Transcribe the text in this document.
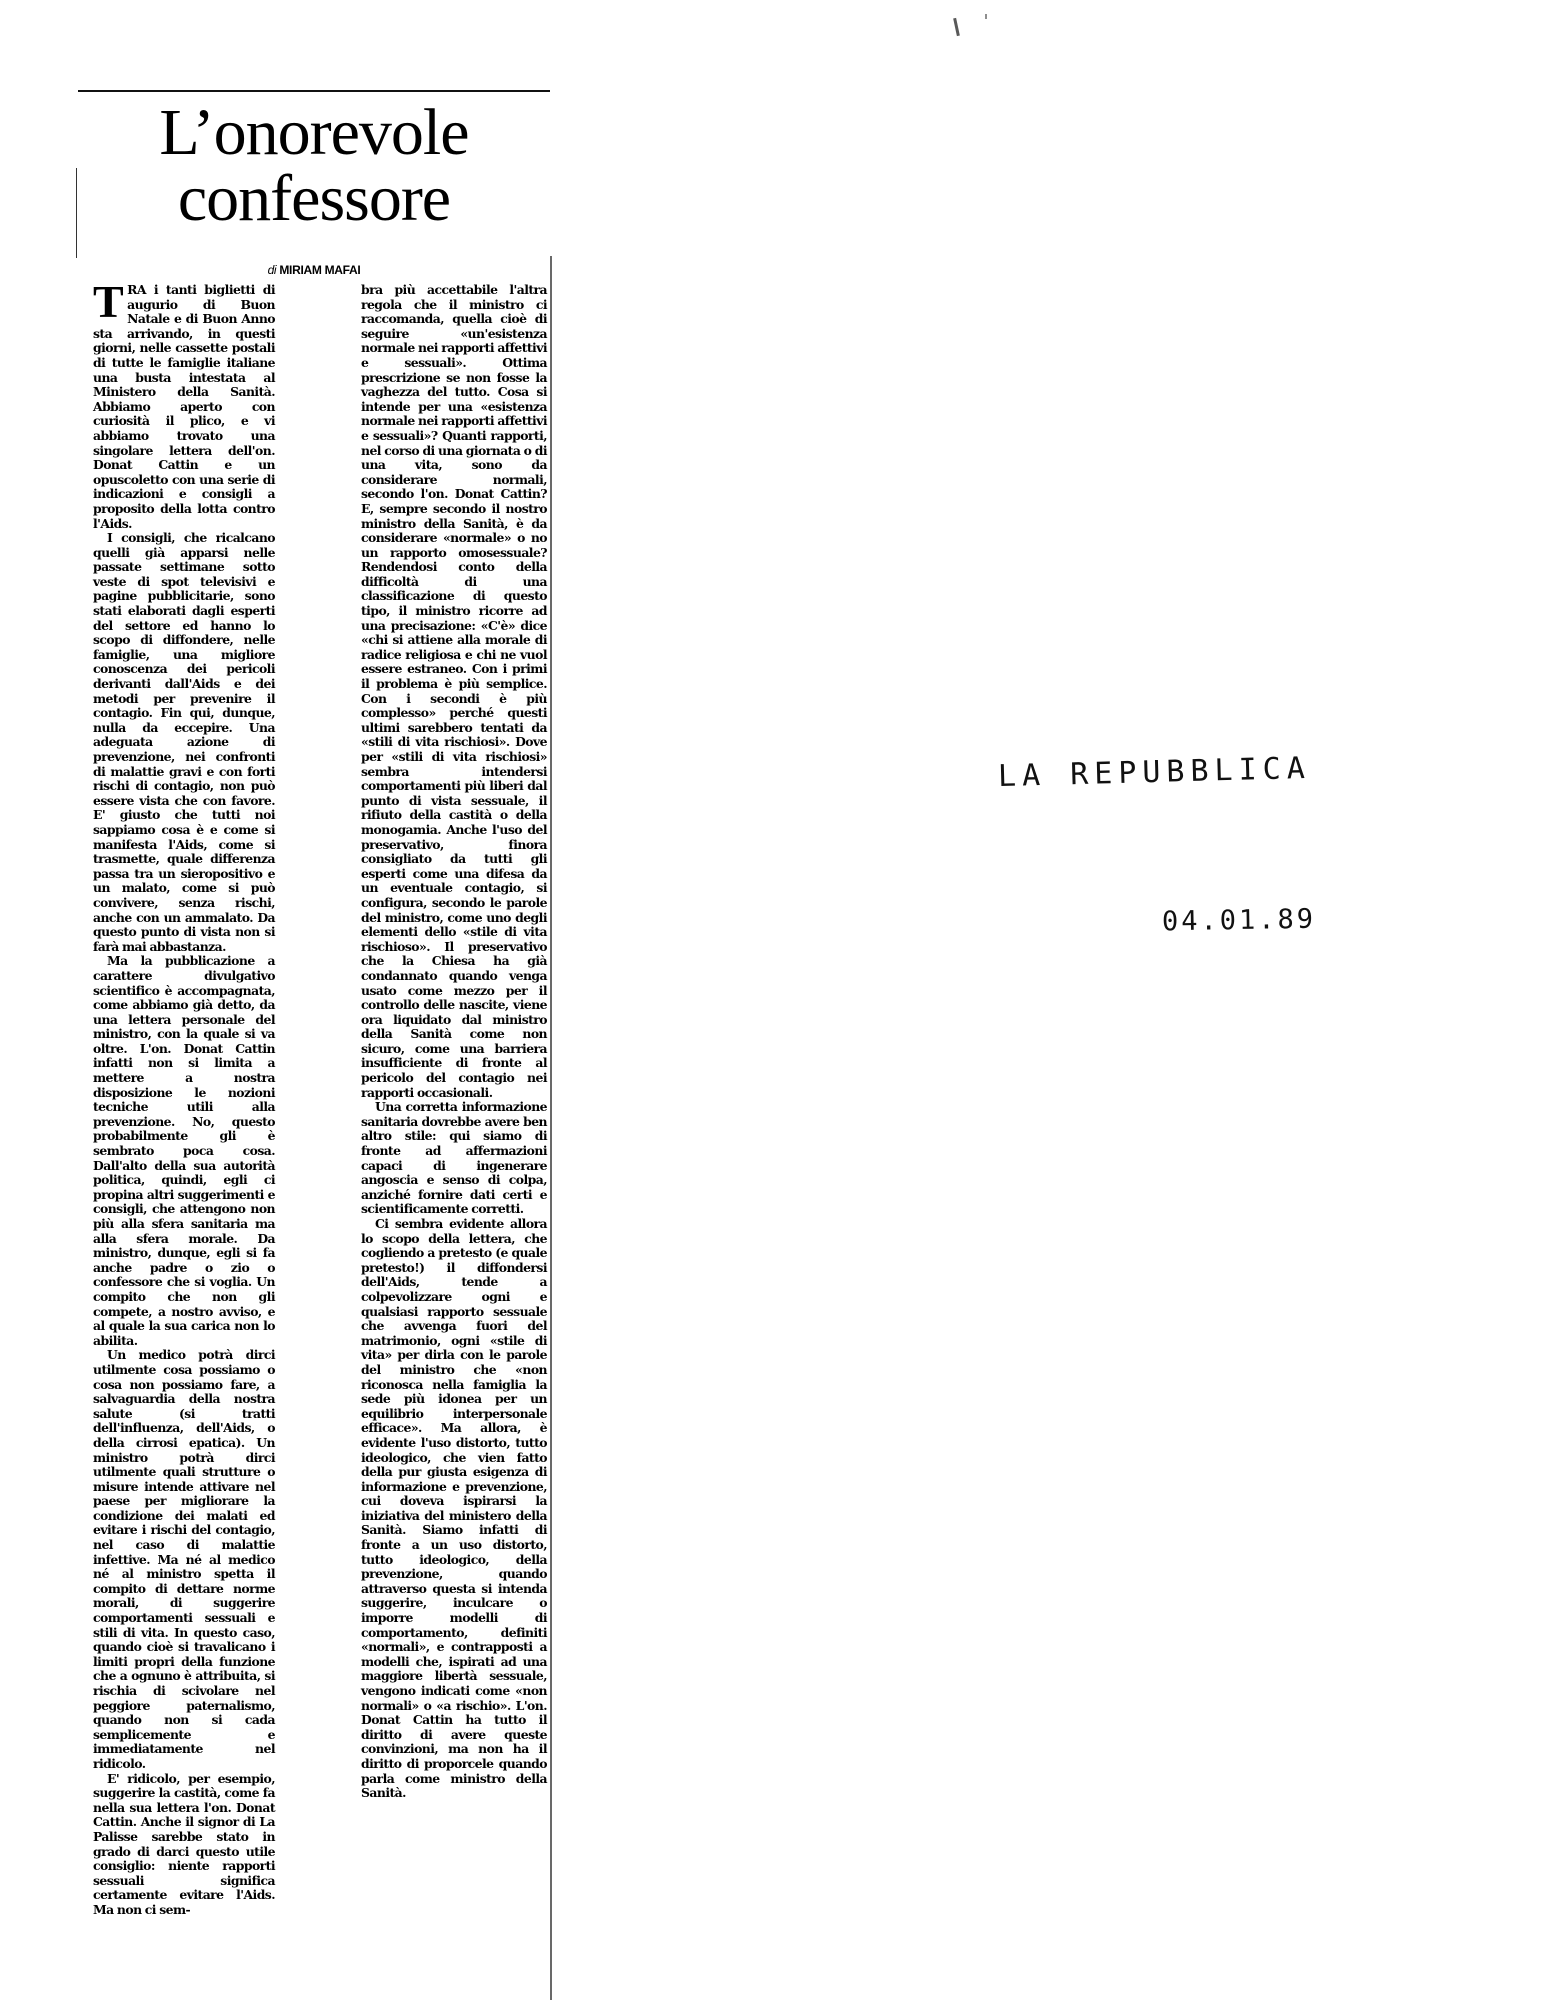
L’onorevole
confessore
di MIRIAM MAFAI

TRA i tanti biglietti di augurio di Buon Natale e di Buon Anno sta arrivando, in questi giorni, nelle cassette postali di tutte le famiglie italiane una busta intestata al Ministero della Sanità. Abbiamo aperto con curiosità il plico, e vi abbiamo trovato una singolare lettera dell'on. Donat Cattin e un opuscoletto con una serie di indicazioni e consigli a proposito della lotta contro l'Aids.

I consigli, che ricalcano quelli già apparsi nelle passate settimane sotto veste di spot televisivi e pagine pubblicitarie, sono stati elaborati dagli esperti del settore ed hanno lo scopo di diffondere, nelle famiglie, una migliore conoscenza dei pericoli derivanti dall'Aids e dei metodi per prevenire il contagio. Fin qui, dunque, nulla da eccepire. Una adeguata azione di prevenzione, nei confronti di malattie gravi e con forti rischi di contagio, non può essere vista che con favore. E' giusto che tutti noi sappiamo cosa è e come si manifesta l'Aids, come si trasmette, quale differenza passa tra un sieropositivo e un malato, come si può convivere, senza rischi, anche con un ammalato. Da questo punto di vista non si farà mai abbastanza.

Ma la pubblicazione a carattere divulgativo scientifico è accompagnata, come abbiamo già detto, da una lettera personale del ministro, con la quale si va oltre. L'on. Donat Cattin infatti non si limita a mettere a nostra disposizione le nozioni tecniche utili alla prevenzione. No, questo probabilmente gli è sembrato poca cosa. Dall'alto della sua autorità politica, quindi, egli ci propina altri suggerimenti e consigli, che attengono non più alla sfera sanitaria ma alla sfera morale. Da ministro, dunque, egli si fa anche padre o zio o confessore che si voglia. Un compito che non gli compete, a nostro avviso, e al quale la sua carica non lo abilita.

Un medico potrà dirci utilmente cosa possiamo o cosa non possiamo fare, a salvaguardia della nostra salute (si tratti dell'influenza, dell'Aids, o della cirrosi epatica). Un ministro potrà dirci utilmente quali strutture o misure intende attivare nel paese per migliorare la condizione dei malati ed evitare i rischi del contagio, nel caso di malattie infettive. Ma né al medico né al ministro spetta il compito di dettare norme morali, di suggerire comportamenti sessuali e stili di vita. In questo caso, quando cioè si travalicano i limiti propri della funzione che a ognuno è attribuita, si rischia di scivolare nel peggiore paternalismo, quando non si cada semplicemente e immediatamente nel ridicolo.

E' ridicolo, per esempio, suggerire la castità, come fa nella sua lettera l'on. Donat Cattin. Anche il signor di La Palisse sarebbe stato in grado di darci questo utile consiglio: niente rapporti sessuali significa certamente evitare l'Aids. Ma non ci sem-

bra più accettabile l'altra regola che il ministro ci raccomanda, quella cioè di seguire «un'esistenza normale nei rapporti affettivi e sessuali». Ottima prescrizione se non fosse la vaghezza del tutto. Cosa si intende per una «esistenza normale nei rapporti affettivi e sessuali»? Quanti rapporti, nel corso di una giornata o di una vita, sono da considerare normali, secondo l'on. Donat Cattin? E, sempre secondo il nostro ministro della Sanità, è da considerare «normale» o no un rapporto omosessuale? Rendendosi conto della difficoltà di una classificazione di questo tipo, il ministro ricorre ad una precisazione: «C'è» dice «chi si attiene alla morale di radice religiosa e chi ne vuol essere estraneo. Con i primi il problema è più semplice. Con i secondi è più complesso» perché questi ultimi sarebbero tentati da «stili di vita rischiosi». Dove per «stili di vita rischiosi» sembra intendersi comportamenti più liberi dal punto di vista sessuale, il rifiuto della castità o della monogamia. Anche l'uso del preservativo, finora consigliato da tutti gli esperti come una difesa da un eventuale contagio, si configura, secondo le parole del ministro, come uno degli elementi dello «stile di vita rischioso». Il preservativo che la Chiesa ha già condannato quando venga usato come mezzo per il controllo delle nascite, viene ora liquidato dal ministro della Sanità come non sicuro, come una barriera insufficiente di fronte al pericolo del contagio nei rapporti occasionali.

Una corretta informazione sanitaria dovrebbe avere ben altro stile: qui siamo di fronte ad affermazioni capaci di ingenerare angoscia e senso di colpa, anziché fornire dati certi e scientificamente corretti.

Ci sembra evidente allora lo scopo della lettera, che cogliendo a pretesto (e quale pretesto!) il diffondersi dell'Aids, tende a colpevolizzare ogni e qualsiasi rapporto sessuale che avvenga fuori del matrimonio, ogni «stile di vita» per dirla con le parole del ministro che «non riconosca nella famiglia la sede più idonea per un equilibrio interpersonale efficace». Ma allora, è evidente l'uso distorto, tutto ideologico, che vien fatto della pur giusta esigenza di informazione e prevenzione, cui doveva ispirarsi la iniziativa del ministero della Sanità. Siamo infatti di fronte a un uso distorto, tutto ideologico, della prevenzione, quando attraverso questa si intenda suggerire, inculcare o imporre modelli di comportamento, definiti «normali», e contrapposti a modelli che, ispirati ad una maggiore libertà sessuale, vengono indicati come «non normali» o «a rischio». L'on. Donat Cattin ha tutto il diritto di avere queste convinzioni, ma non ha il diritto di proporcele quando parla come ministro della Sanità.

LA REPUBBLICA
04.01.89
